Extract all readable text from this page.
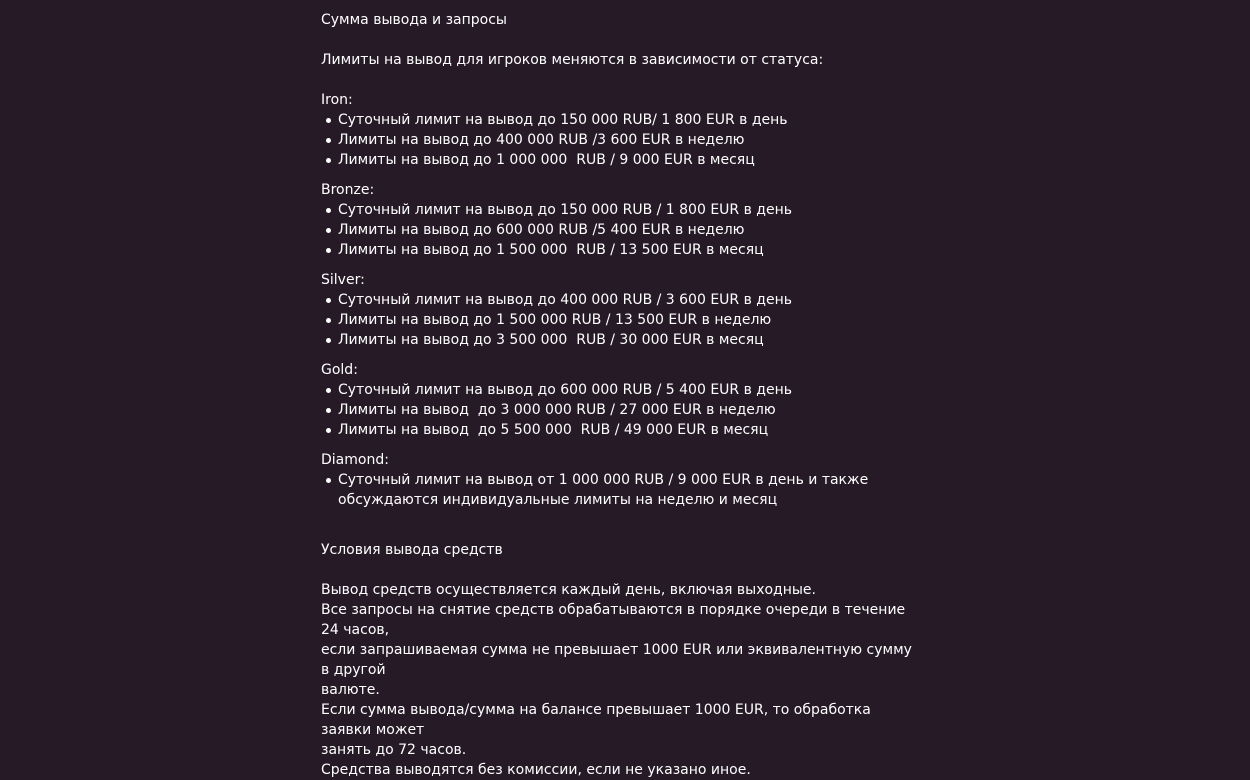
Сумма вывода и запросы

Лимиты на вывод для игроков меняются в зависимости от статуса:

Iron:
Суточный лимит на вывод до 150 000 RUB/ 1 800 EUR в день
Лимиты на вывод до 400 000 RUB /3 600 EUR в неделю
Лимиты на вывод до 1 000 000  RUB / 9 000 EUR в месяц
Bronze:
Суточный лимит на вывод до 150 000 RUB / 1 800 EUR в день
Лимиты на вывод до 600 000 RUB /5 400 EUR в неделю
Лимиты на вывод до 1 500 000  RUB / 13 500 EUR в месяц
Silver:
Суточный лимит на вывод до 400 000 RUB / 3 600 EUR в день
Лимиты на вывод до 1 500 000 RUB / 13 500 EUR в неделю
Лимиты на вывод до 3 500 000  RUB / 30 000 EUR в месяц
Gold:
Суточный лимит на вывод до 600 000 RUB / 5 400 EUR в день
Лимиты на вывод  до 3 000 000 RUB / 27 000 EUR в неделю
Лимиты на вывод  до 5 500 000  RUB / 49 000 EUR в месяц
Diamond:
Суточный лимит на вывод от 1 000 000 RUB / 9 000 EUR в день и также обсуждаются индивидуальные лимиты на неделю и месяц

Условия вывода средств

Вывод средств осуществляется каждый день, включая выходные.
Все запросы на снятие средств обрабатываются в порядке очереди в течение 24 часов,
если запрашиваемая сумма не превышает 1000 EUR или эквивалентную сумму в другой
валюте.
Если сумма вывода/сумма на балансе превышает 1000 EUR, то обработка заявки может
занять до 72 часов.
Средства выводятся без комиссии, если не указано иное.
